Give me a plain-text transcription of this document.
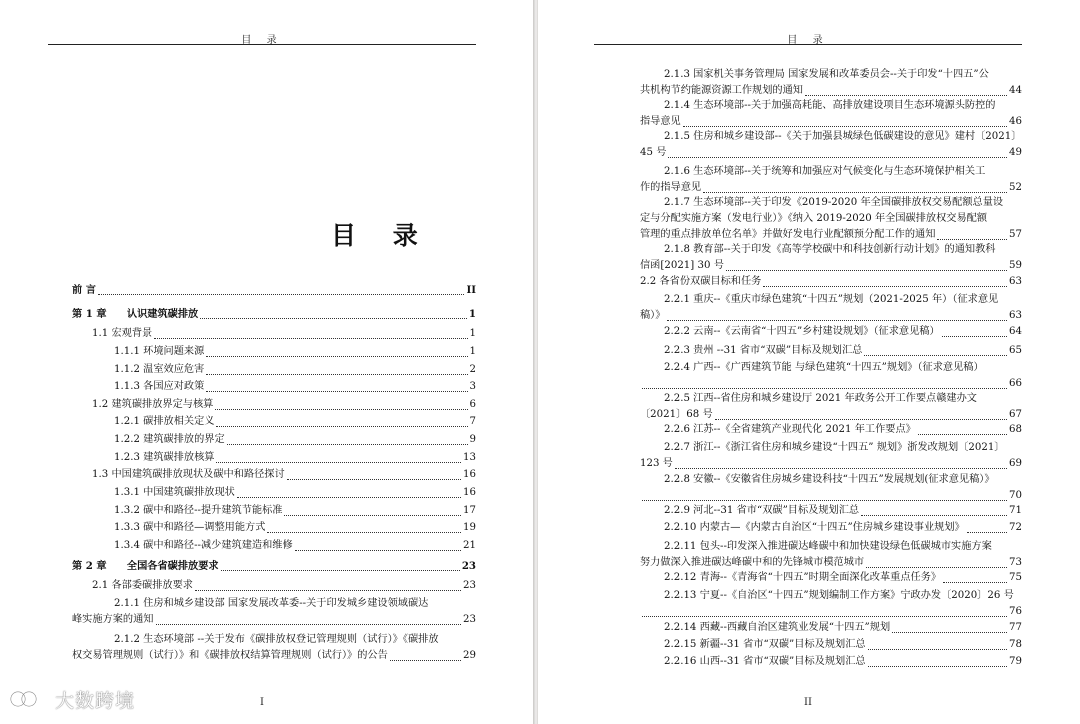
目 录
目 录
前 言	II
第 1 章　　认识建筑碳排放	1
1.1 宏观背景	1
1.1.1 环境问题来源	1
1.1.2 温室效应危害	2
1.1.3 各国应对政策	3
1.2 建筑碳排放界定与核算	6
1.2.1 碳排放相关定义	7
1.2.2 建筑碳排放的界定	9
1.2.3 建筑碳排放核算	13
1.3 中国建筑碳排放现状及碳中和路径探讨	16
1.3.1 中国建筑碳排放现状	16
1.3.2 碳中和路径--提升建筑节能标准	17
1.3.3 碳中和路径—调整用能方式	19
1.3.4 碳中和路径--减少建筑建造和维修	21
第 2 章　　全国各省碳排放要求	23
2.1 各部委碳排放要求	23
2.1.1 住房和城乡建设部 国家发展改革委--关于印发城乡建设领域碳达
峰实施方案的通知	23
2.1.2 生态环境部 --关于发布《碳排放权登记管理规则（试行）》《碳排放
权交易管理规则（试行）》和《碳排放权结算管理规则（试行）》的公告	29
I
目 录
2.1.3 国家机关事务管理局 国家发展和改革委员会--关于印发“十四五”公
共机构节约能源资源工作规划的通知	44
2.1.4 生态环境部--关于加强高耗能、高排放建设项目生态环境源头防控的
指导意见	46
2.1.5 住房和城乡建设部--《关于加强县城绿色低碳建设的意见》建村〔2021〕
45 号	49
2.1.6 生态环境部--关于统筹和加强应对气候变化与生态环境保护相关工
作的指导意见	52
2.1.7 生态环境部--关于印发《2019-2020 年全国碳排放权交易配额总量设
定与分配实施方案（发电行业）》《纳入 2019-2020 年全国碳排放权交易配额
管理的重点排放单位名单》并做好发电行业配额预分配工作的通知	57
2.1.8 教育部--关于印发《高等学校碳中和科技创新行动计划》的通知教科
信函[2021] 30 号	59
2.2 各省份双碳目标和任务	63
2.2.1 重庆--《重庆市绿色建筑“十四五”规划（2021-2025 年）（征求意见
稿）》	63
2.2.2 云南--《云南省“十四五”乡村建设规划》（征求意见稿）	64
2.2.3 贵州 --31 省市“双碳”目标及规划汇总	65
2.2.4 广西--《广西建筑节能 与绿色建筑“十四五”规划》（征求意见稿）
66
2.2.5 江西--省住房和城乡建设厅 2021 年政务公开工作要点赣建办文
〔2021〕68 号	67
2.2.6 江苏--《全省建筑产业现代化 2021 年工作要点》	68
2.2.7 浙江--《浙江省住房和城乡建设“十四五” 规划》浙发改规划〔2021〕
123 号	69
2.2.8 安徽--《安徽省住房城乡建设科技“十四五”发展规划(征求意见稿）》
70
2.2.9 河北--31 省市“双碳”目标及规划汇总	71
2.2.10 内蒙古—《内蒙古自治区“十四五”住房城乡建设事业规划》	72
2.2.11 包头--印发深入推进碳达峰碳中和加快建设绿色低碳城市实施方案
努力做深入推进碳达峰碳中和的先锋城市模范城市	73
2.2.12 青海--《青海省“十四五”时期全面深化改革重点任务》	75
2.2.13 宁夏--《自治区“十四五”规划编制工作方案》宁政办发〔2020〕26 号
76
2.2.14 西藏--西藏自治区建筑业发展“十四五”规划	77
2.2.15 新疆--31 省市“双碳”目标及规划汇总	78
2.2.16 山西--31 省市“双碳”目标及规划汇总	79
II
大数跨境
